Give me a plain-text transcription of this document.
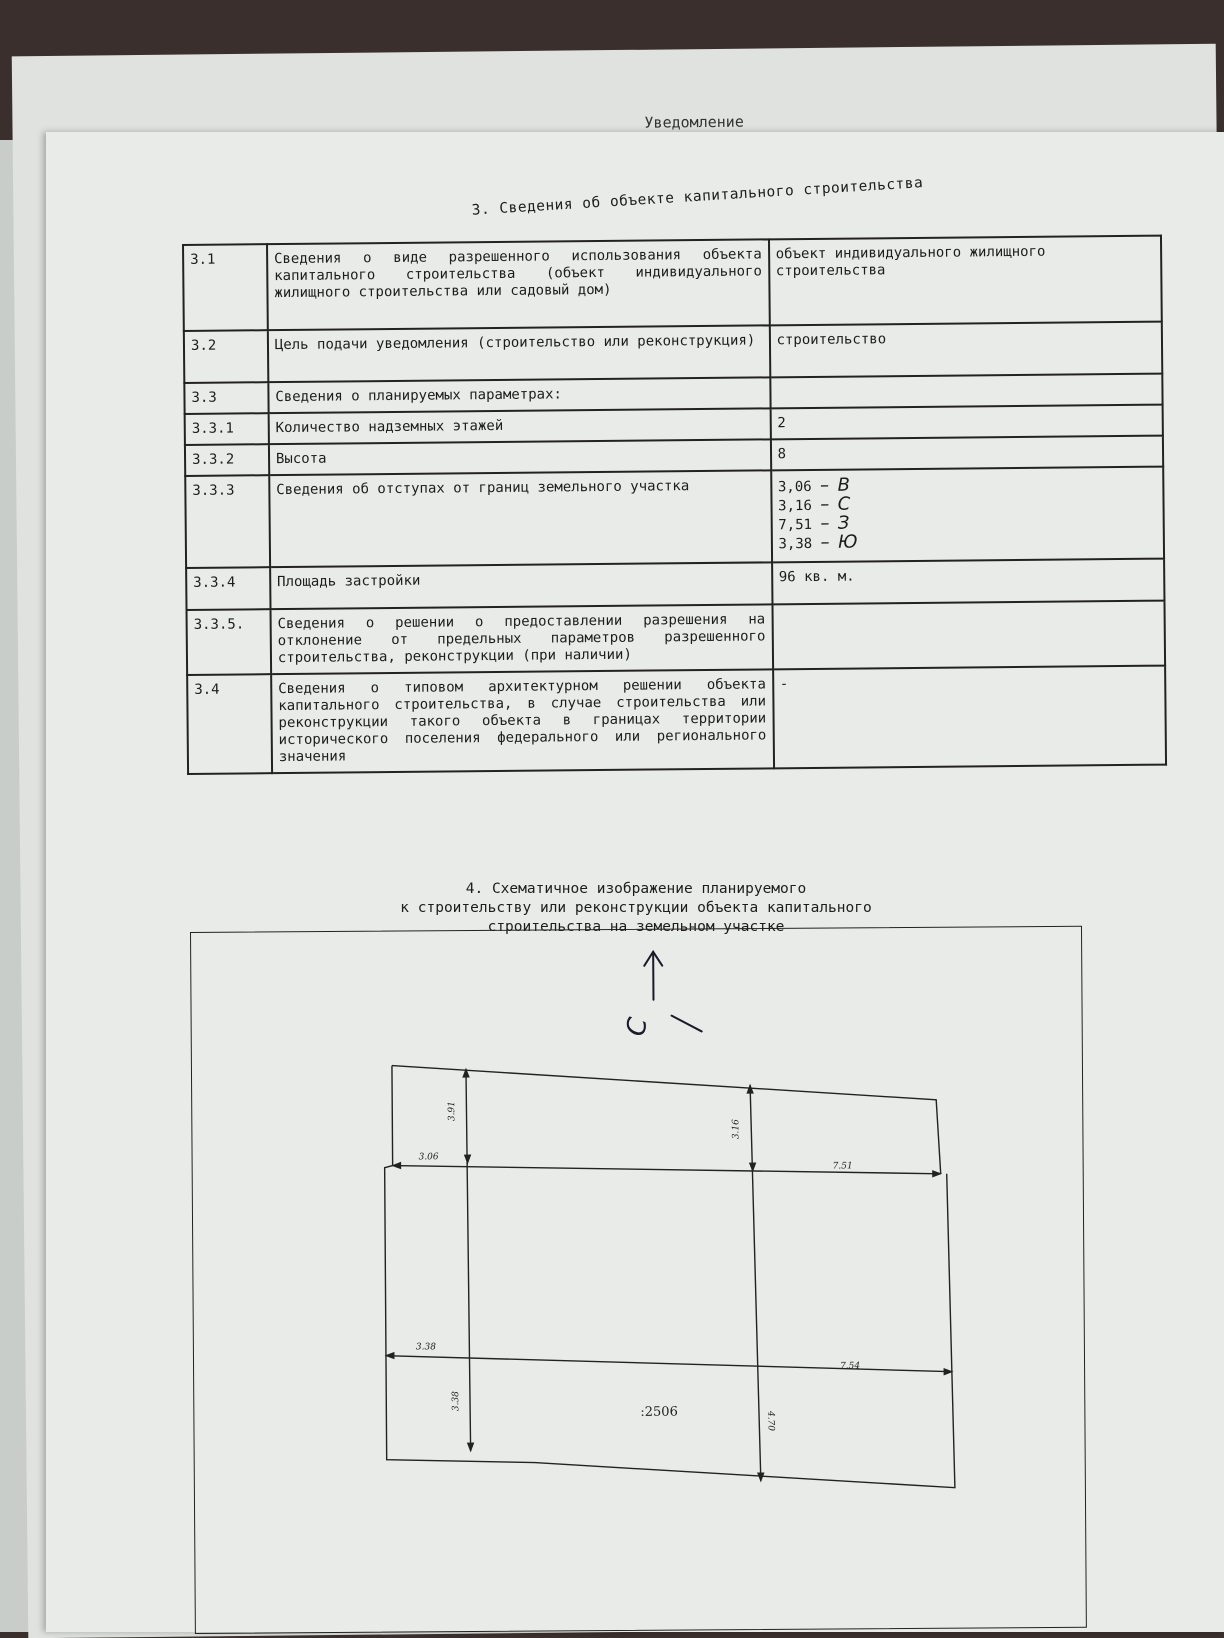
Уведомление
3. Сведения об объекте капитального строительства
3.1	Сведения о виде разрешенного использования объекта капитального строительства (объект индивидуального жилищного строительства или садовый дом)	объект индивидуального жилищного строительства
3.2	Цель подачи уведомления (строительство или реконструкция)	строительство
3.3	Сведения о планируемых параметрах:	
3.3.1	Количество надземных этажей	2
3.3.2	Высота	8
3.3.3	Сведения об отступах от границ земельного участка	3,06 – В
3,16 – С
7,51 – З
3,38 – Ю

3.3.4	Площадь застройки	96 кв. м.
3.3.5.	Сведения о решении о предоставлении разрешения на отклонение от предельных параметров разрешенного строительства, реконструкции (при наличии)	
3.4	Сведения о типовом архитектурном решении объекта капитального строительства, в случае строительства или реконструкции такого объекта в границах территории исторического поселения федерального или регионального значения	-
4. Схематичное изображение планируемого
к строительству или реконструкции объекта капитального
строительства на земельном участке
С
3.91
3.06
3.16
7.51
3.38
3.38
7.54
4.70
:2506
